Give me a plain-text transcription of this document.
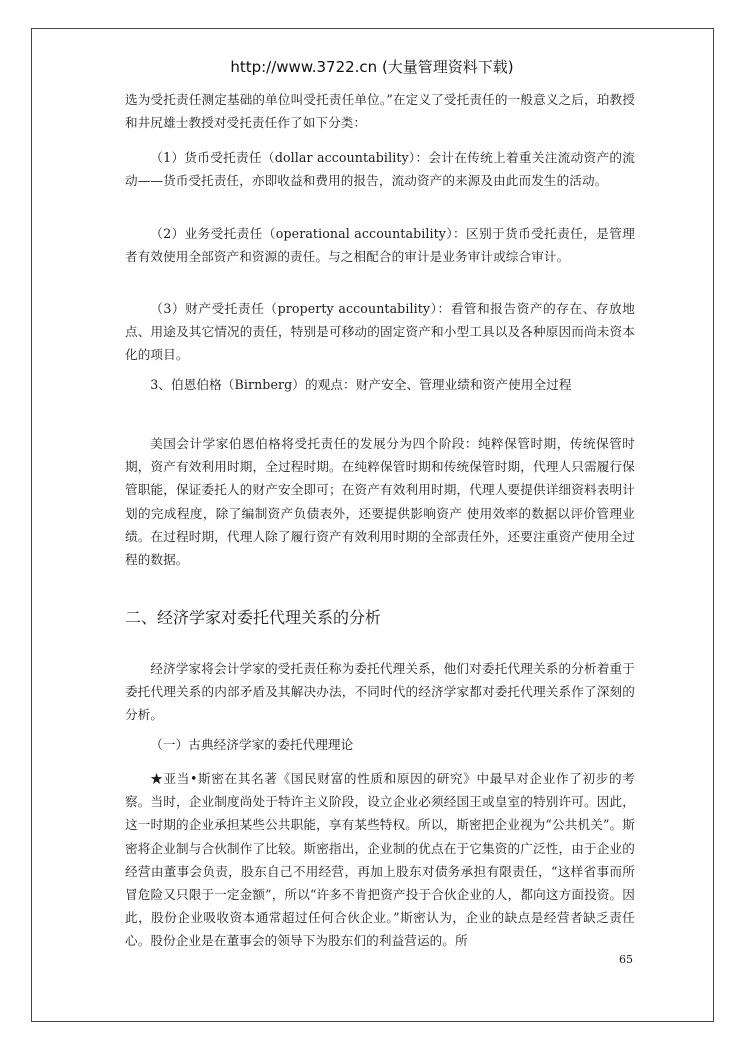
http://www.3722.cn (大量管理资料下载)

选为受托责任测定基础的单位叫受托责任单位。”在定义了受托责任的一般意义之后，珀教授和井尻雄士教授对受托责任作了如下分类：

（1）货币受托责任（dollar accountability）：会计在传统上着重关注流动资产的流动——货币受托责任，亦即收益和费用的报告，流动资产的来源及由此而发生的活动。

（2）业务受托责任（operational accountability）：区别于货币受托责任，是管理者有效使用全部资产和资源的责任。与之相配合的审计是业务审计或综合审计。

（3）财产受托责任（property accountability）：看管和报告资产的存在、存放地点、用途及其它情况的责任，特别是可移动的固定资产和小型工具以及各种原因而尚未资本化的项目。

3、伯恩伯格（Birnberg）的观点：财产安全、管理业绩和资产使用全过程

美国会计学家伯恩伯格将受托责任的发展分为四个阶段：纯粹保管时期，传统保管时期，资产有效利用时期，全过程时期。在纯粹保管时期和传统保管时期，代理人只需履行保管职能，保证委托人的财产安全即可；在资产有效利用时期，代理人要提供详细资料表明计划的完成程度，除了编制资产负债表外，还要提供影响资产 使用效率的数据以评价管理业绩。在过程时期，代理人除了履行资产有效利用时期的全部责任外，还要注重资产使用全过程的数据。

二、经济学家对委托代理关系的分析

经济学家将会计学家的受托责任称为委托代理关系，他们对委托代理关系的分析着重于委托代理关系的内部矛盾及其解决办法，不同时代的经济学家都对委托代理关系作了深刻的分析。

（一）古典经济学家的委托代理理论

★亚当•斯密在其名著《国民财富的性质和原因的研究》中最早对企业作了初步的考察。当时，企业制度尚处于特许主义阶段，设立企业必须经国王或皇室的特别许可。因此，这一时期的企业承担某些公共职能，享有某些特权。所以，斯密把企业视为“公共机关”。斯密将企业制与合伙制作了比较。斯密指出，企业制的优点在于它集资的广泛性，由于企业的经营由董事会负责，股东自己不用经营，再加上股东对债务承担有限责任，“这样省事而所冒危险又只限于一定金额”，所以“许多不肯把资产投于合伙企业的人，都向这方面投资。因此，股份企业吸收资本通常超过任何合伙企业。”斯密认为，企业的缺点是经营者缺乏责任心。股份企业是在董事会的领导下为股东们的利益营运的。所

65
